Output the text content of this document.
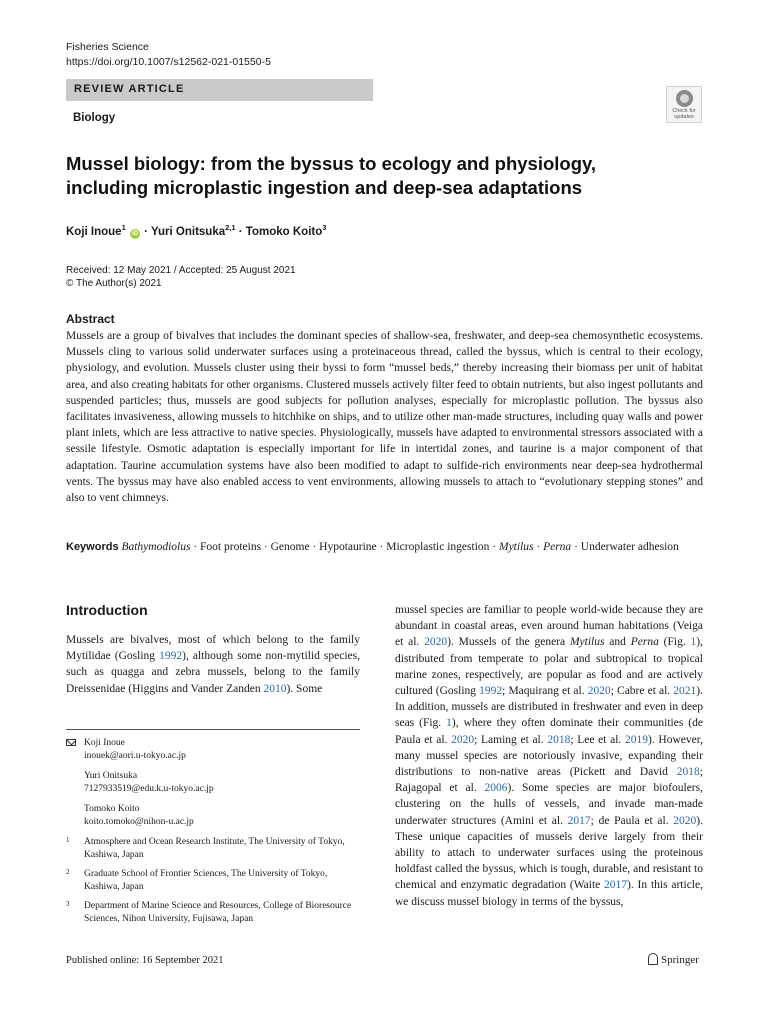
Fisheries Science
https://doi.org/10.1007/s12562-021-01550-5
REVIEW ARTICLE
Biology
Check for
updates
Mussel biology: from the byssus to ecology and physiology, including microplastic ingestion and deep-sea adaptations
Koji Inoue$^1$ iD · Yuri Onitsuka$^{2,1}$ · Tomoko Koito$^3$
Received: 12 May 2021 / Accepted: 25 August 2021
© The Author(s) 2021
Abstract
Mussels are a group of bivalves that includes the dominant species of shallow-sea, freshwater, and deep-sea chemosynthetic ecosystems. Mussels cling to various solid underwater surfaces using a proteinaceous thread, called the byssus, which is central to their ecology, physiology, and evolution. Mussels cluster using their byssi to form “mussel beds,” thereby increasing their biomass per unit of habitat area, and also creating habitats for other organisms. Clustered mussels actively filter feed to obtain nutrients, but also ingest pollutants and suspended particles; thus, mussels are good subjects for pollution analyses, especially for microplastic pollution. The byssus also facilitates invasiveness, allowing mussels to hitchhike on ships, and to utilize other man-made structures, including quay walls and power plant inlets, which are less attractive to native species. Physiologically, mussels have adapted to environmental stressors associated with a sessile lifestyle. Osmotic adaptation is especially important for life in intertidal zones, and taurine is a major component of that adaptation. Taurine accumulation systems have also been modified to adapt to sulfide-rich environments near deep-sea hydrothermal vents. The byssus may have also enabled access to vent environments, allowing mussels to attach to “evolutionary stepping stones” and also to vent chimneys.
Keywords Bathymodiolus · Foot proteins · Genome · Hypotaurine · Microplastic ingestion · Mytilus · Perna · Underwater adhesion
Introduction
Mussels are bivalves, most of which belong to the family Mytilidae (Gosling 1992), although some non-mytilid species, such as quagga and zebra mussels, belong to the family Dreissenidae (Higgins and Vander Zanden 2010). Some
mussel species are familiar to people world-wide because they are abundant in coastal areas, even around human habitations (Veiga et al. 2020). Mussels of the genera Mytilus and Perna (Fig. 1), distributed from temperate to polar and subtropical to tropical marine zones, respectively, are popular as food and are actively cultured (Gosling 1992; Maquirang et al. 2020; Cabre et al. 2021). In addition, mussels are distributed in freshwater and even in deep seas (Fig. 1), where they often dominate their communities (de Paula et al. 2020; Laming et al. 2018; Lee et al. 2019). However, many mussel species are notoriously invasive, expanding their distributions to non-native areas (Pickett and David 2018; Rajagopal et al. 2006). Some species are major biofoulers, clustering on the hulls of vessels, and invade man-made underwater structures (Amini et al. 2017; de Paula et al. 2020). These unique capacities of mussels derive largely from their ability to attach to underwater surfaces using the proteinous holdfast called the byssus, which is tough, durable, and resistant to chemical and enzymatic degradation (Waite 2017). In this article, we discuss mussel biology in terms of the byssus,
Koji Inoue
inouek@aori.u-tokyo.ac.jp
Yuri Onitsuka
7127933519@edu.k.u-tokyo.ac.jp
Tomoko Koito
koito.tomoko@nihon-u.ac.jp
1 Atmosphere and Ocean Research Institute, The University of Tokyo, Kashiwa, Japan
2 Graduate School of Frontier Sciences, The University of Tokyo, Kashiwa, Japan
3 Department of Marine Science and Resources, College of Bioresource Sciences, Nihon University, Fujisawa, Japan
Published online: 16 September 2021	Springer
